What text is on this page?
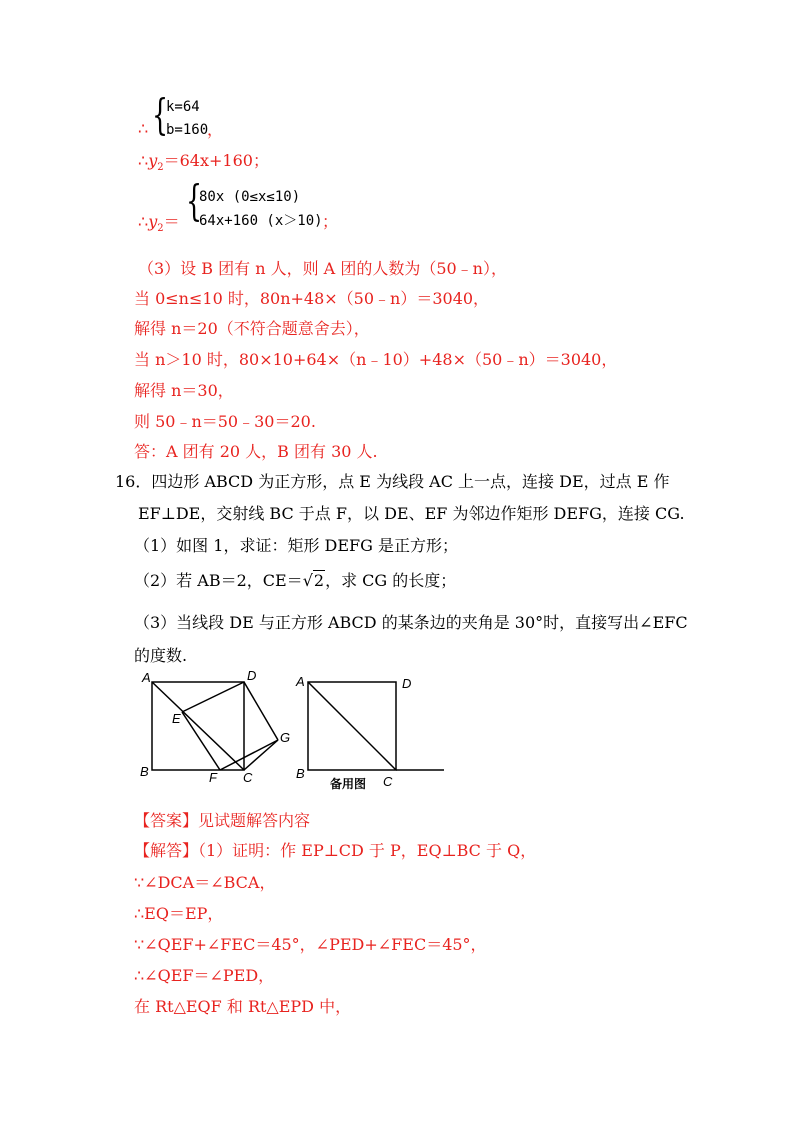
∴ {
k=64
b=160
，
$\therefore y_2=64x+160$；
$\therefore y_2=$ {
80x (0≤x≤10)
64x+160 (x＞10) ；
（3）设 B 团有 n 人，则 A 团的人数为（50﹣n），
当 0≤n≤10 时，80n+48×（50﹣n）＝3040，
解得 n＝20（不符合题意舍去），
当 n＞10 时，80×10+64×（n﹣10）+48×（50﹣n）＝3040，
解得 n＝30，
则 50﹣n＝50﹣30＝20.
答：A 团有 20 人，B 团有 30 人.
16．四边形 ABCD 为正方形，点 E 为线段 AC 上一点，连接 DE，过点 E 作
EF⊥DE，交射线 BC 于点 F，以 DE、EF 为邻边作矩形 DEFG，连接 CG.
（1）如图 1，求证：矩形 DEFG 是正方形；
（2）若 AB＝2，CE＝√2，求 CG 的长度；
（3）当线段 DE 与正方形 ABCD 的某条边的夹角是 30°时，直接写出∠EFC
的度数.
A	D
B	C
E
F
G
A	D
B
C
备用图
【答案】见试题解答内容
【解答】（1）证明：作 EP⊥CD 于 P，EQ⊥BC 于 Q，
∵∠DCA＝∠BCA，
∴EQ＝EP，
∵∠QEF+∠FEC＝45°，∠PED+∠FEC＝45°，
∴∠QEF＝∠PED，
在 Rt△EQF 和 Rt△EPD 中，
